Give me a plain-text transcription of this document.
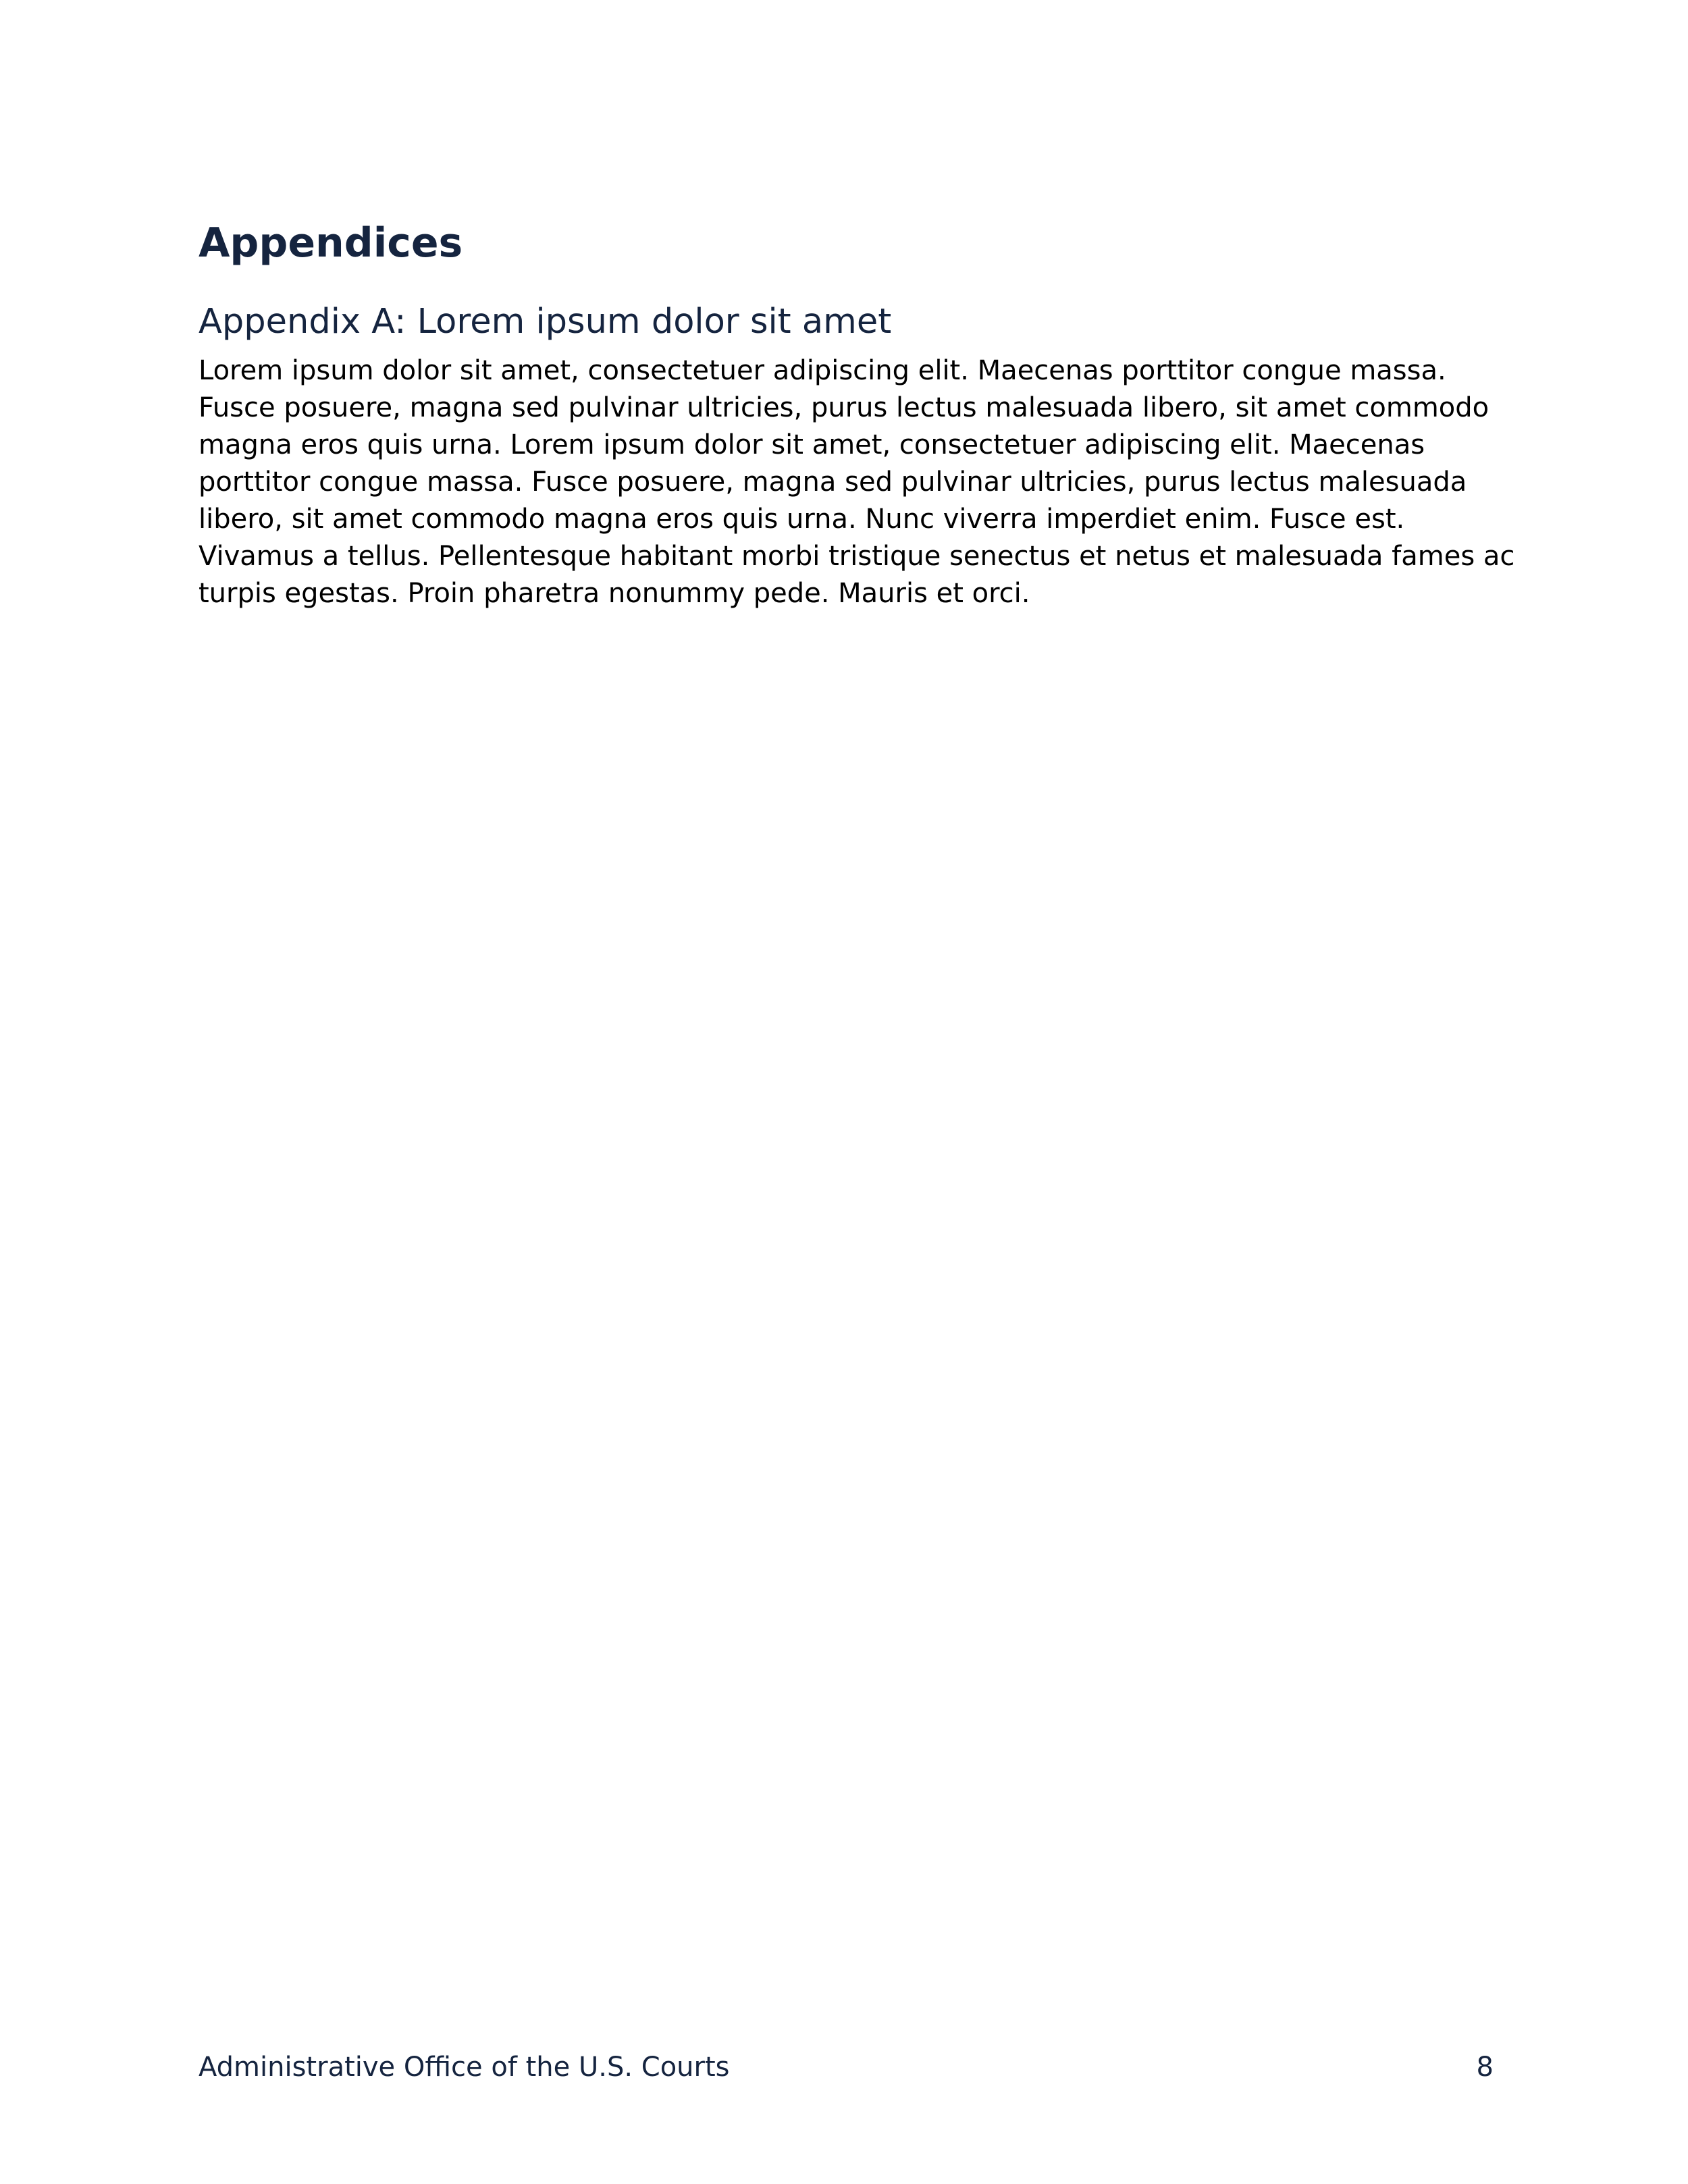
Appendices
Appendix A: Lorem ipsum dolor sit amet

Lorem ipsum dolor sit amet, consectetuer adipiscing elit. Maecenas porttitor congue massa. Fusce posuere, magna sed pulvinar ultricies, purus lectus malesuada libero, sit amet commodo magna eros quis urna. Lorem ipsum dolor sit amet, consectetuer adipiscing elit. Maecenas porttitor congue massa. Fusce posuere, magna sed pulvinar ultricies, purus lectus malesuada libero, sit amet commodo magna eros quis urna. Nunc viverra imperdiet enim. Fusce est. Vivamus a tellus. Pellentesque habitant morbi tristique senectus et netus et malesuada fames ac turpis egestas. Proin pharetra nonummy pede. Mauris et orci.

Administrative Office of the U.S. Courts	8
